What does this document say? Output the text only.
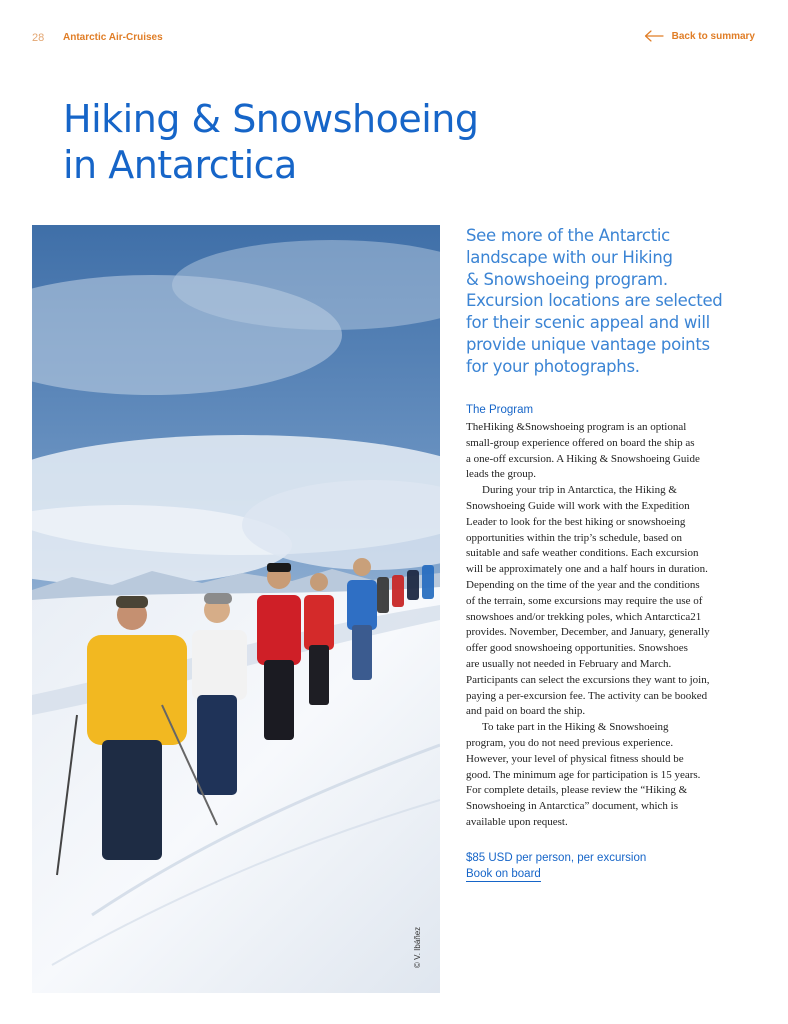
28 Antarctic Air-Cruises	Back to summary
Hiking & Snowshoeing
in Antarctica
© V. Ibáñez

See more of the Antarctic

landscape with our Hiking

& Snowshoeing program.

Excursion locations are selected

for their scenic appeal and will

provide unique vantage points

for your photographs.

The Program

TheHiking &Snowshoeing program is an optional

small-group experience offered on board the ship as

a one-off excursion. A Hiking & Snowshoeing Guide

leads the group.

During your trip in Antarctica, the Hiking &

Snowshoeing Guide will work with the Expedition

Leader to look for the best hiking or snowshoeing

opportunities within the trip’s schedule, based on

suitable and safe weather conditions. Each excursion

will be approximately one and a half hours in duration.

Depending on the time of the year and the conditions

of the terrain, some excursions may require the use of

snowshoes and/or trekking poles, which Antarctica21

provides. November, December, and January, generally

offer good snowshoeing opportunities. Snowshoes

are usually not needed in February and March.

Participants can select the excursions they want to join,

paying a per-excursion fee. The activity can be booked

and paid on board the ship.

To take part in the Hiking & Snowshoeing

program, you do not need previous experience.

However, your level of physical fitness should be

good. The minimum age for participation is 15 years.

For complete details, please review the “Hiking &

Snowshoeing in Antarctica” document, which is

available upon request.

$85 USD per person, per excursion
Book on board
